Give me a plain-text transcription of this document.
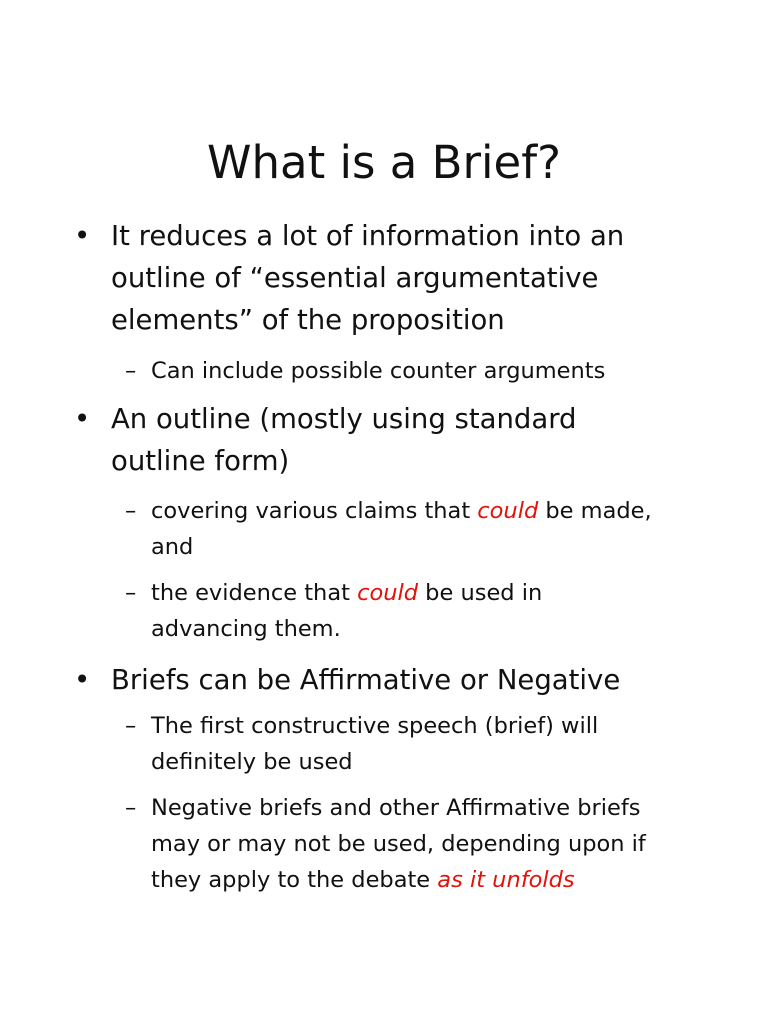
What is a Brief?
• It reduces a lot of information into an
outline of “essential argumentative
elements” of the proposition
– Can include possible counter arguments
• An outline (mostly using standard
outline form)
– covering various claims that could be made,
and
– the evidence that could be used in
advancing them.
• Briefs can be Affirmative or Negative
– The first constructive speech (brief) will
definitely be used
– Negative briefs and other Affirmative briefs
may or may not be used, depending upon if
they apply to the debate as it unfolds
